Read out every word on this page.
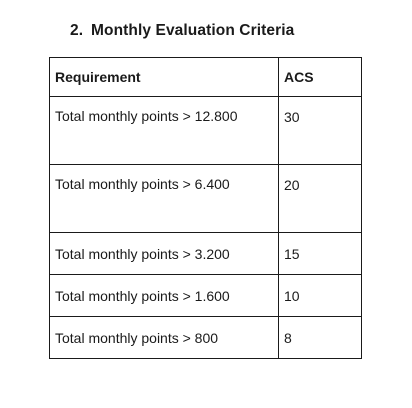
2. Monthly Evaluation Criteria
Requirement	ACS

Total monthly points > 12.800	30

Total monthly points > 6.400	20

Total monthly points > 3.200	15
Total monthly points > 1.600	10
Total monthly points > 800	8
